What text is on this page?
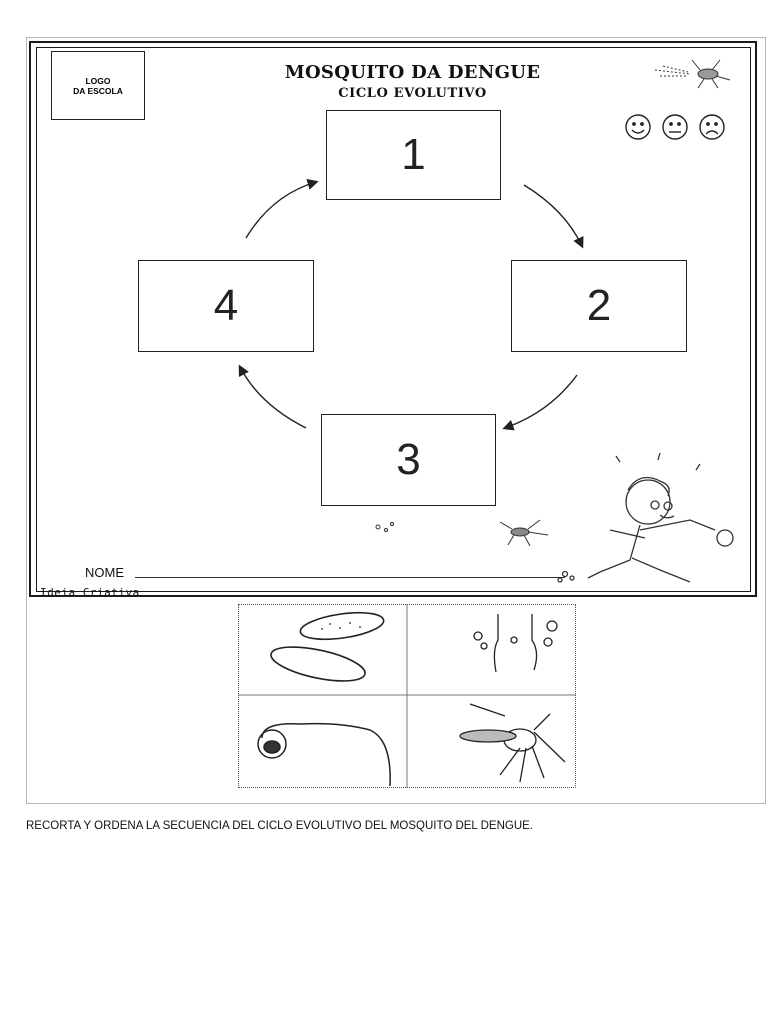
LOGO
DA ESCOLA
MOSQUITO DA DENGUE
CICLO EVOLUTIVO
1
2
3
4
NOME
Ideia Criativa
RECORTA Y ORDENA LA SECUENCIA DEL CICLO EVOLUTIVO DEL MOSQUITO DEL DENGUE.
